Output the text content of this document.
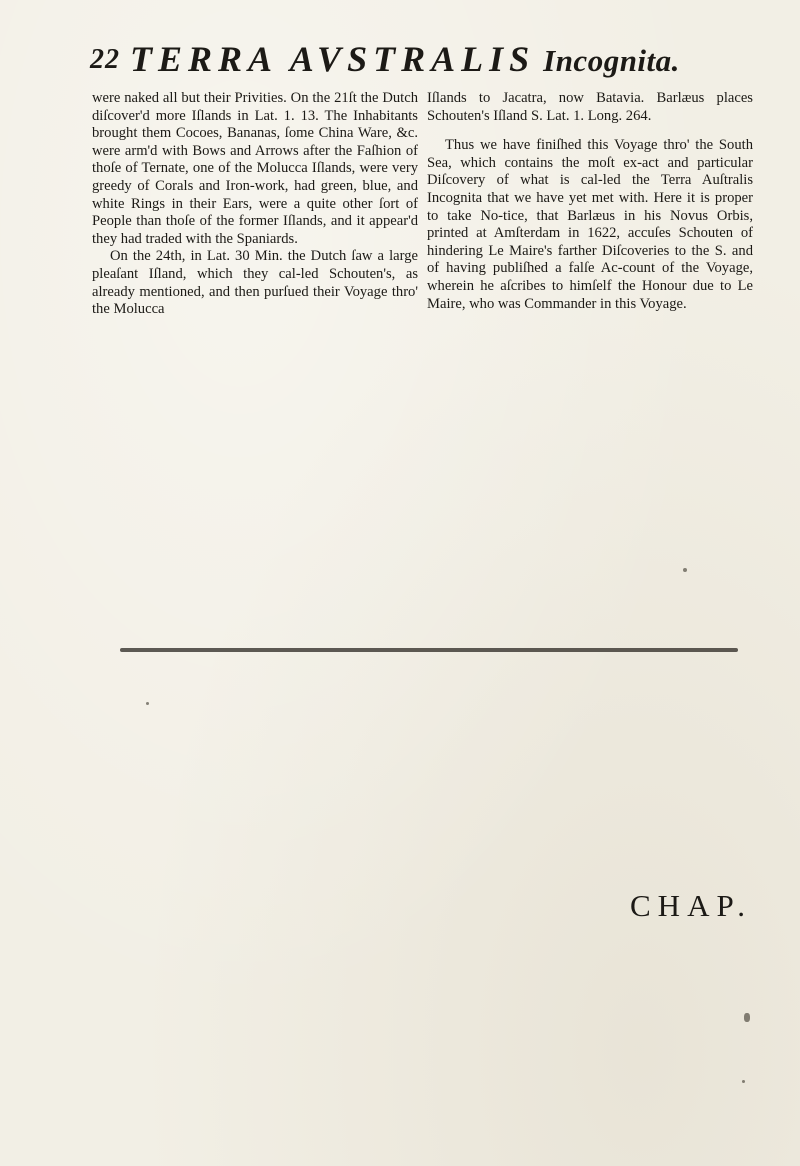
22 TERRA AVSTRALIS Incognita.

were naked all but their Privities. On the 21ſt the Dutch diſcover'd more Iſlands in Lat. 1. 13. The Inhabitants brought them Cocoes, Bananas, ſome China Ware, &c. were arm'd with Bows and Arrows after the Faſhion of thoſe of Ternate, one of the Molucca Iſlands, were very greedy of Corals and Iron-work, had green, blue, and white Rings in their Ears, were a quite other ſort of People than thoſe of the former Iſlands, and it appear'd they had traded with the Spaniards.

On the 24th, in Lat. 30 Min. the Dutch ſaw a large pleaſant Iſland, which they cal-led Schouten's, as already mentioned, and then purſued their Voyage thro' the Molucca

Iſlands to Jacatra, now Batavia. Barlæus places Schouten's Iſland S. Lat. 1. Long. 264.

Thus we have finiſhed this Voyage thro' the South Sea, which contains the moſt ex-act and particular Diſcovery of what is cal-led the Terra Auſtralis Incognita that we have yet met with. Here it is proper to take No-tice, that Barlæus in his Novus Orbis, printed at Amſterdam in 1622, accuſes Schouten of hindering Le Maire's farther Diſcoveries to the S. and of having publiſhed a falſe Ac-count of the Voyage, wherein he aſcribes to himſelf the Honour due to Le Maire, who was Commander in this Voyage.

CHAP.
